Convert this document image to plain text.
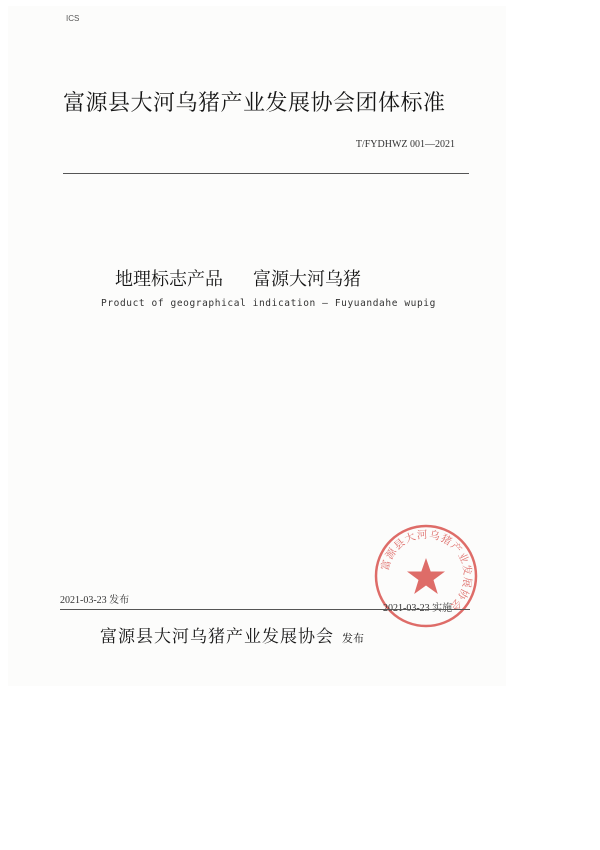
ICS
富源县大河乌猪产业发展协会团体标准
T/FYDHWZ 001—2021
地理标志产品 富源大河乌猪
Product of geographical indication — Fuyuandahe wupig
富源县大河乌猪产业发展协会
2021-03-23 发布
2021-03-23 实施
富源县大河乌猪产业发展协会 发布
